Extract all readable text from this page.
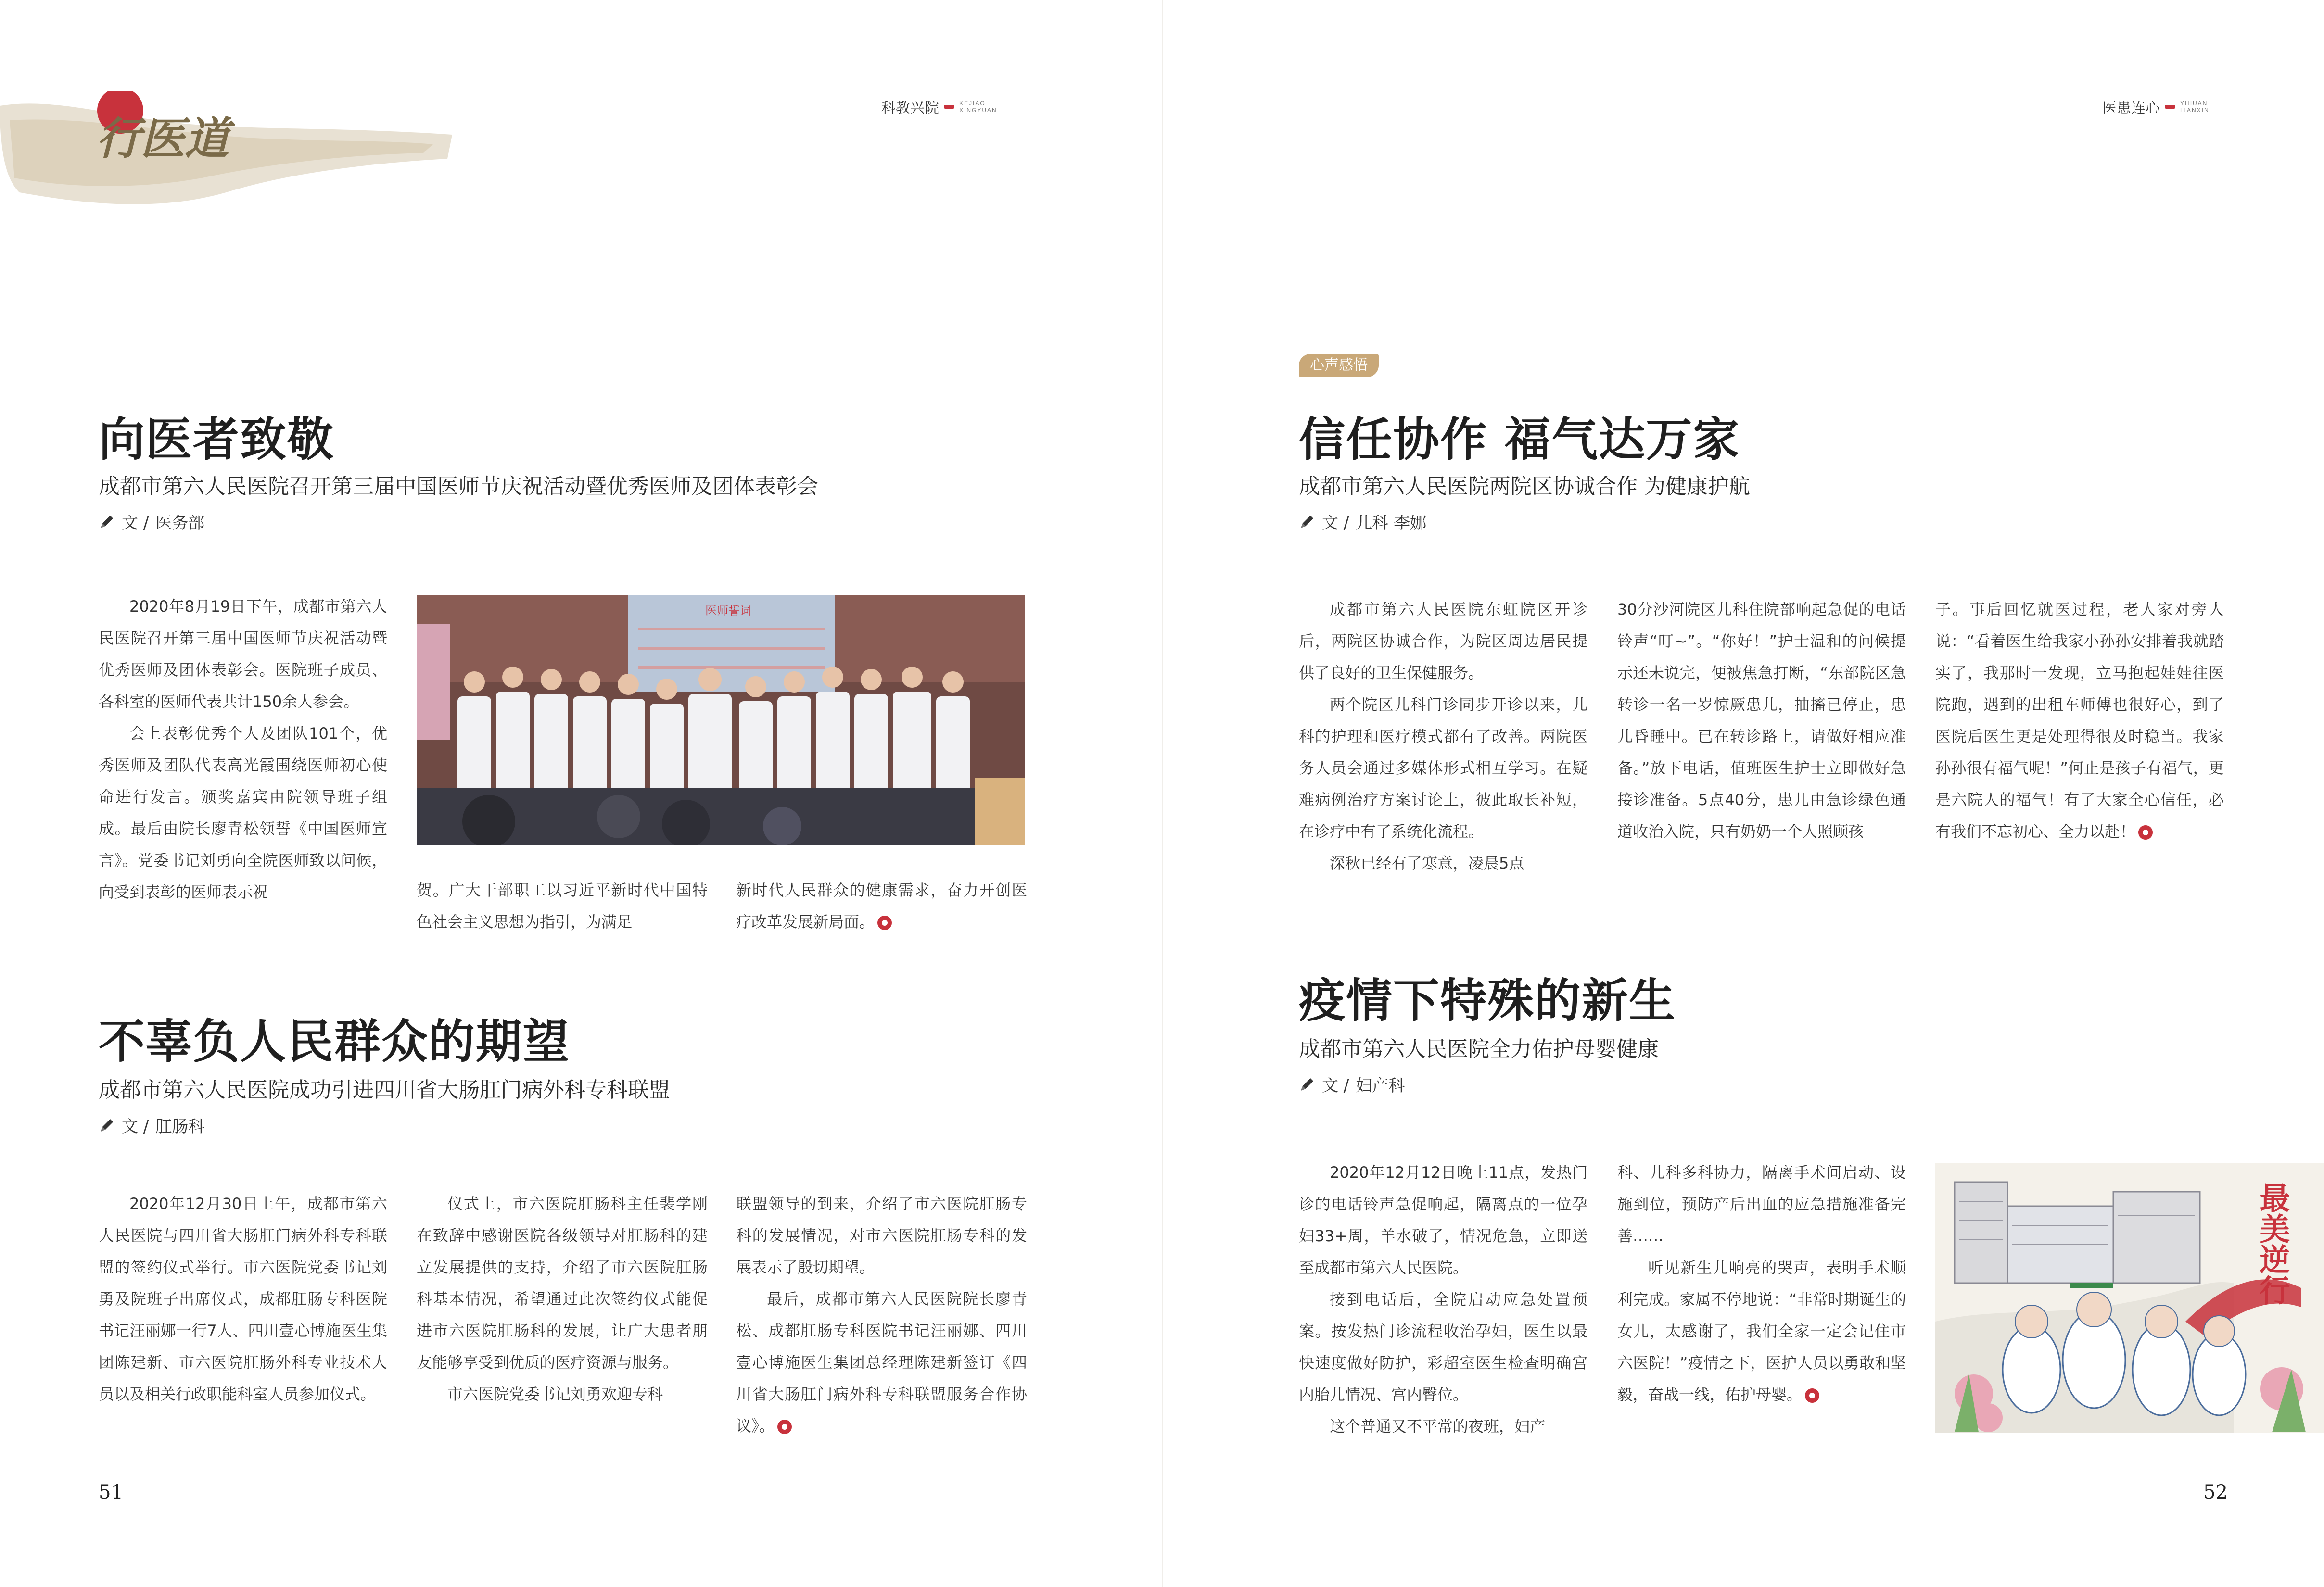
行医道
科教兴院	KEJIAO
XINGYUAN
向医者致敬
成都市第六人民医院召开第三届中国医师节庆祝活动暨优秀医师及团体表彰会
文 / 医务部

2020年8月19日下午，成都市第六人民医院召开第三届中国医师节庆祝活动暨优秀医师及团体表彰会。医院班子成员、各科室的医师代表共计150余人参会。

会上表彰优秀个人及团队101个，优秀医师及团队代表高光霞围绕医师初心使命进行发言。颁奖嘉宾由院领导班子组成。最后由院长廖青松领誓《中国医师宣言》。党委书记刘勇向全院医师致以问候，向受到表彰的医师表示祝

医师誓词

贺。广大干部职工以习近平新时代中国特色社会主义思想为指引，为满足

新时代人民群众的健康需求，奋力开创医疗改革发展新局面。

不辜负人民群众的期望
成都市第六人民医院成功引进四川省大肠肛门病外科专科联盟
文 / 肛肠科

2020年12月30日上午，成都市第六人民医院与四川省大肠肛门病外科专科联盟的签约仪式举行。市六医院党委书记刘勇及院班子出席仪式，成都肛肠专科医院书记汪丽娜一行7人、四川壹心博施医生集团陈建新、市六医院肛肠外科专业技术人员以及相关行政职能科室人员参加仪式。

仪式上，市六医院肛肠科主任裴学刚在致辞中感谢医院各级领导对肛肠科的建立发展提供的支持，介绍了市六医院肛肠科基本情况，希望通过此次签约仪式能促进市六医院肛肠科的发展，让广大患者朋友能够享受到优质的医疗资源与服务。

市六医院党委书记刘勇欢迎专科

联盟领导的到来，介绍了市六医院肛肠专科的发展情况，对市六医院肛肠专科的发展表示了殷切期望。

最后，成都市第六人民医院院长廖青松、成都肛肠专科医院书记汪丽娜、四川壹心博施医生集团总经理陈建新签订《四川省大肠肛门病外科专科联盟服务合作协议》。

51
医患连心	YIHUAN
LIANXIN
心声感悟
信任协作 福气达万家
成都市第六人民医院两院区协诚合作 为健康护航
文 / 儿科 李娜

成都市第六人民医院东虹院区开诊后，两院区协诚合作，为院区周边居民提供了良好的卫生保健服务。

两个院区儿科门诊同步开诊以来，儿科的护理和医疗模式都有了改善。两院医务人员会通过多媒体形式相互学习。在疑难病例治疗方案讨论上，彼此取长补短，在诊疗中有了系统化流程。

深秋已经有了寒意，凌晨5点

30分沙河院区儿科住院部响起急促的电话铃声“叮~”。“你好！”护士温和的问候提示还未说完，便被焦急打断，“东部院区急转诊一名一岁惊厥患儿，抽搐已停止，患儿昏睡中。已在转诊路上，请做好相应准备。”放下电话，值班医生护士立即做好急接诊准备。5点40分，患儿由急诊绿色通道收治入院，只有奶奶一个人照顾孩

子。事后回忆就医过程，老人家对旁人说：“看着医生给我家小孙孙安排着我就踏实了，我那时一发现，立马抱起娃娃往医院跑，遇到的出租车师傅也很好心，到了医院后医生更是处理得很及时稳当。我家孙孙很有福气呢！”何止是孩子有福气，更是六院人的福气！有了大家全心信任，必有我们不忘初心、全力以赴！

疫情下特殊的新生
成都市第六人民医院全力佑护母婴健康
文 / 妇产科

2020年12月12日晚上11点，发热门诊的电话铃声急促响起，隔离点的一位孕妇33+周，羊水破了，情况危急，立即送至成都市第六人民医院。

接到电话后，全院启动应急处置预案。按发热门诊流程收治孕妇，医生以最快速度做好防护，彩超室医生检查明确宫内胎儿情况、宫内臀位。

这个普通又不平常的夜班，妇产

科、儿科多科协力，隔离手术间启动、设施到位，预防产后出血的应急措施准备完善……

听见新生儿响亮的哭声，表明手术顺利完成。家属不停地说：“非常时期诞生的女儿，太感谢了，我们全家一定会记住市六医院！”疫情之下，医护人员以勇敢和坚毅，奋战一线，佑护母婴。

最美逆行
52
